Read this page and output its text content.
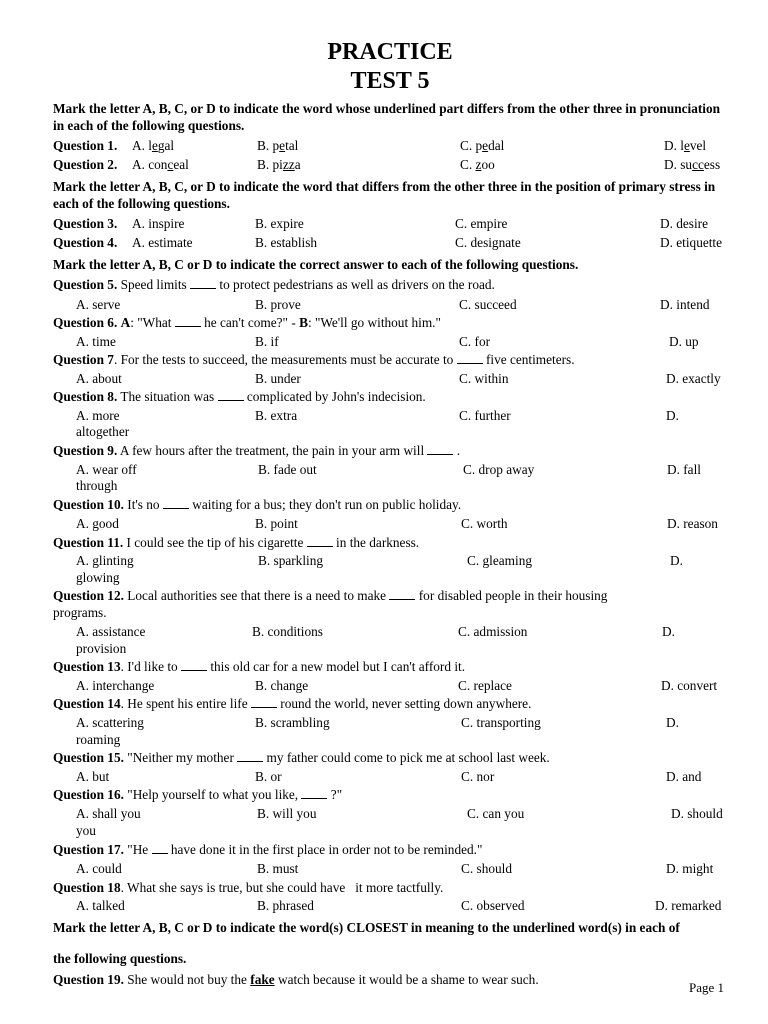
PRACTICE
TEST 5
Mark the letter A, B, C, or D to indicate the word whose underlined part differs from the other three in pronunciation in each of the following questions.
Question 1.	A. legal	B. petal	C. pedal	D. level
Question 2.	A. conceal	B. pizza	C. zoo	D. success
Mark the letter A, B, C, or D to indicate the word that differs from the other three in the position of primary stress in each of the following questions.
Question 3.	A. inspire	B. expire	C. empire	D. desire
Question 4.	A. estimate	B. establish	C. designate	D. etiquette
Mark the letter A, B, C or D to indicate the correct answer to each of the following questions.
Question 5. Speed limits to protect pedestrians as well as drivers on the road.
A. serve	B. prove	C. succeed	D. intend
Question 6. A: "What he can't come?" - B: "We'll go without him."
A. time	B. if	C. for	D. up
Question 7. For the tests to succeed, the measurements must be accurate to five centimeters.
A. about	B. under	C. within	D. exactly
Question 8. The situation was complicated by John's indecision.
A. more	B. extra	C. further	D.
altogether
Question 9. A few hours after the treatment, the pain in your arm will .
A. wear off	B. fade out	C. drop away	D. fall
through
Question 10. It's no waiting for a bus; they don't run on public holiday.
A. good	B. point	C. worth	D. reason
Question 11. I could see the tip of his cigarette in the darkness.
A. glinting	B. sparkling	C. gleaming	D.
glowing
Question 12. Local authorities see that there is a need to make for disabled people in their housing
programs.
A. assistance	B. conditions	C. admission	D.
provision
Question 13. I'd like to this old car for a new model but I can't afford it.
A. interchange	B. change	C. replace	D. convert
Question 14. He spent his entire life round the world, never setting down anywhere.
A. scattering	B. scrambling	C. transporting	D.
roaming
Question 15. "Neither my mother my father could come to pick me at school last week.
A. but	B. or	C. nor	D. and
Question 16. "Help yourself to what you like, ?"
A. shall you	B. will you	C. can you	D. should
you
Question 17. "He have done it in the first place in order not to be reminded."
A. could	B. must	C. should	D. might
Question 18. What she says is true, but she could have   it more tactfully.
A. talked	B. phrased	C. observed	D. remarked
Mark the letter A, B, C or D to indicate the word(s) CLOSEST in meaning to the underlined word(s) in each of
the following questions.
Question 19. She would not buy the fake watch because it would be a shame to wear such.
Page 1
